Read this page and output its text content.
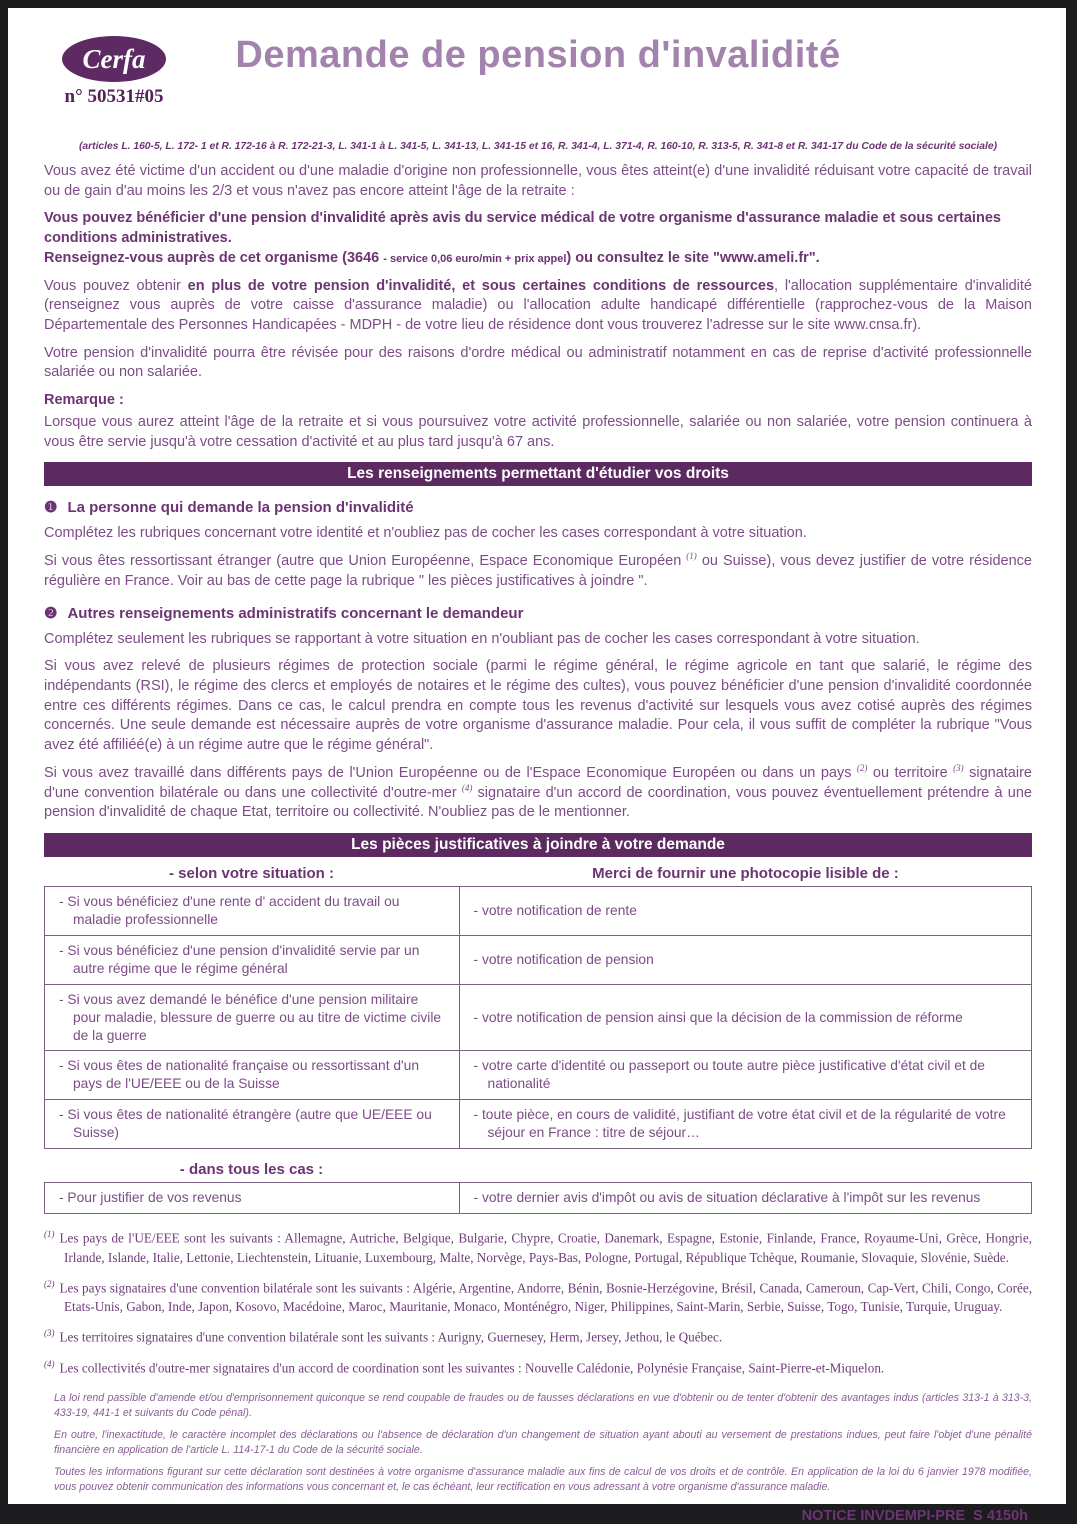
Cerfa
n° 50531#05
Demande de pension d'invalidité

(articles L. 160-5, L. 172- 1 et R. 172-16 à R. 172-21-3, L. 341-1 à L. 341-5, L. 341-13, L. 341-15 et 16, R. 341-4, L. 371-4, R. 160-10, R. 313-5, R. 341-8 et R. 341-17 du Code de la sécurité sociale)

Vous avez été victime d'un accident ou d'une maladie d'origine non professionnelle, vous êtes atteint(e) d'une invalidité réduisant votre capacité de travail ou de gain d'au moins les 2/3 et vous n'avez pas encore atteint l'âge de la retraite :

Vous pouvez bénéficier d'une pension d'invalidité après avis du service médical de votre organisme d'assurance maladie et sous certaines conditions administratives.
Renseignez-vous auprès de cet organisme (3646 - service 0,06 euro/min + prix appel) ou consultez le site "www.ameli.fr".

Vous pouvez obtenir en plus de votre pension d'invalidité, et sous certaines conditions de ressources, l'allocation supplémentaire d'invalidité (renseignez vous auprès de votre caisse d'assurance maladie) ou l'allocation adulte handicapé différentielle (rapprochez-vous de la Maison Départementale des Personnes Handicapées - MDPH - de votre lieu de résidence dont vous trouverez l'adresse sur le site www.cnsa.fr).

Votre pension d'invalidité pourra être révisée pour des raisons d'ordre médical ou administratif notamment en cas de reprise d'activité professionnelle salariée ou non salariée.

Remarque :

Lorsque vous aurez atteint l'âge de la retraite et si vous poursuivez votre activité professionnelle, salariée ou non salariée, votre pension continuera à vous être servie jusqu'à votre cessation d'activité et au plus tard jusqu'à 67 ans.

Les renseignements permettant d'étudier vos droits
❶ La personne qui demande la pension d'invalidité

Complétez les rubriques concernant votre identité et n'oubliez pas de cocher les cases correspondant à votre situation.

Si vous êtes ressortissant étranger (autre que Union Européenne, Espace Economique Européen $^{(1)}$ ou Suisse), vous devez justifier de votre résidence régulière en France. Voir au bas de cette page la rubrique " les pièces justificatives à joindre ".

❷ Autres renseignements administratifs concernant le demandeur

Complétez seulement les rubriques se rapportant à votre situation en n'oubliant pas de cocher les cases correspondant à votre situation.

Si vous avez relevé de plusieurs régimes de protection sociale (parmi le régime général, le régime agricole en tant que salarié, le régime des indépendants (RSI), le régime des clercs et employés de notaires et le régime des cultes), vous pouvez bénéficier d'une pension d'invalidité coordonnée entre ces différents régimes. Dans ce cas, le calcul prendra en compte tous les revenus d'activité sur lesquels vous avez cotisé auprès des régimes concernés. Une seule demande est nécessaire auprès de votre organisme d'assurance maladie. Pour cela, il vous suffit de compléter la rubrique "Vous avez été affiliéé(e) à un régime autre que le régime général".

Si vous avez travaillé dans différents pays de l'Union Européenne ou de l'Espace Economique Européen ou dans un pays $^{(2)}$ ou territoire $^{(3)}$ signataire d'une convention bilatérale ou dans une collectivité d'outre-mer $^{(4)}$ signataire d'un accord de coordination, vous pouvez éventuellement prétendre à une pension d'invalidité de chaque Etat, territoire ou collectivité. N'oubliez pas de le mentionner.

Les pièces justificatives à joindre à votre demande
- selon votre situation :	Merci de fournir une photocopie lisible de :
- Si vous bénéficiez d'une rente d' accident du travail ou maladie professionnelle	- votre notification de rente
- Si vous bénéficiez d'une pension d'invalidité servie par un autre régime que le régime général	- votre notification de pension
- Si vous avez demandé le bénéfice d'une pension militaire pour maladie, blessure de guerre ou au titre de victime civile de la guerre	- votre notification de pension ainsi que la décision de la commission de réforme
- Si vous êtes de nationalité française ou ressortissant d'un pays de l'UE/EEE ou de la Suisse	- votre carte d'identité ou passeport ou toute autre pièce justificative d'état civil et de nationalité
- Si vous êtes de nationalité étrangère (autre que UE/EEE ou Suisse)	- toute pièce, en cours de validité, justifiant de votre état civil et de la régularité de votre séjour en France : titre de séjour…
- dans tous les cas :
- Pour justifier de vos revenus	- votre dernier avis d'impôt ou avis de situation déclarative à l'impôt sur les revenus

$^{(1)}$ Les pays de l'UE/EEE sont les suivants : Allemagne, Autriche, Belgique, Bulgarie, Chypre, Croatie, Danemark, Espagne, Estonie, Finlande, France, Royaume-Uni, Grèce, Hongrie, Irlande, Islande, Italie, Lettonie, Liechtenstein, Lituanie, Luxembourg, Malte, Norvège, Pays-Bas, Pologne, Portugal, République Tchèque, Roumanie, Slovaquie, Slovénie, Suède.

$^{(2)}$ Les pays signataires d'une convention bilatérale sont les suivants : Algérie, Argentine, Andorre, Bénin, Bosnie-Herzégovine, Brésil, Canada, Cameroun, Cap-Vert, Chili, Congo, Corée, Etats-Unis, Gabon, Inde, Japon, Kosovo, Macédoine, Maroc, Mauritanie, Monaco, Monténégro, Niger, Philippines, Saint-Marin, Serbie, Suisse, Togo, Tunisie, Turquie, Uruguay.

$^{(3)}$ Les territoires signataires d'une convention bilatérale sont les suivants : Aurigny, Guernesey, Herm, Jersey, Jethou, le Québec.

$^{(4)}$ Les collectivités d'outre-mer signataires d'un accord de coordination sont les suivantes : Nouvelle Calédonie, Polynésie Française, Saint-Pierre-et-Miquelon.

La loi rend passible d'amende et/ou d'emprisonnement quiconque se rend coupable de fraudes ou de fausses déclarations en vue d'obtenir ou de tenter d'obtenir des avantages indus (articles 313-1 à 313-3, 433-19, 441-1 et suivants du Code pénal).

En outre, l'inexactitude, le caractère incomplet des déclarations ou l'absence de déclaration d'un changement de situation ayant abouti au versement de prestations indues, peut faire l'objet d'une pénalité financière en application de l'article L. 114-17-1 du Code de la sécurité sociale.

Toutes les informations figurant sur cette déclaration sont destinées à votre organisme d'assurance maladie aux fins de calcul de vos droits et de contrôle. En application de la loi du 6 janvier 1978 modifiée, vous pouvez obtenir communication des informations vous concernant et, le cas échéant, leur rectification en vous adressant à votre organisme d'assurance maladie.

NOTICE INVDEMPI-PRE  S 4150h
